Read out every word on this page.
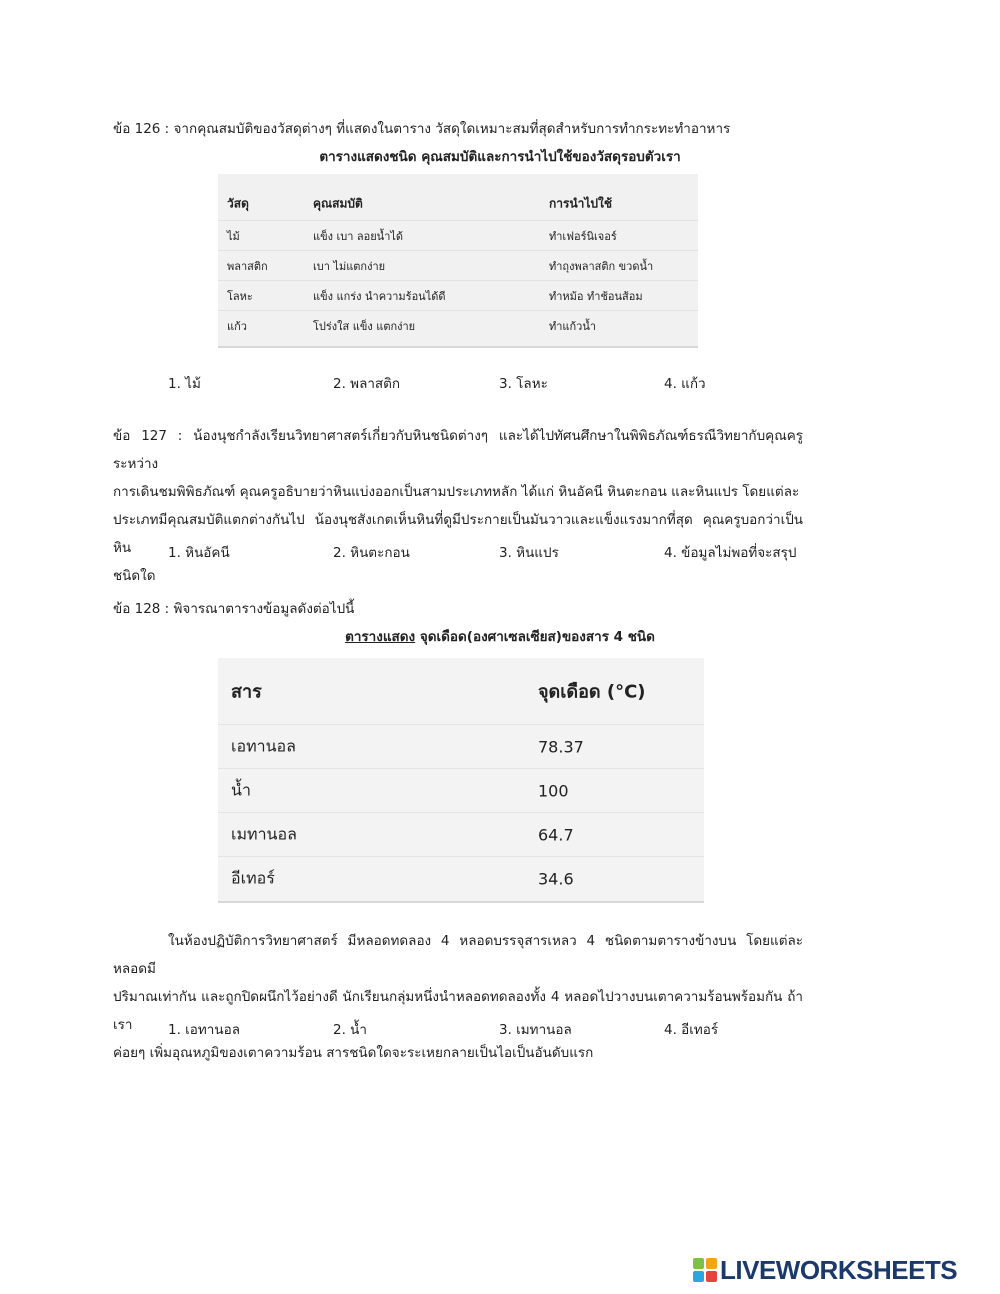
ข้อ 126 : จากคุณสมบัติของวัสดุต่างๆ ที่แสดงในตาราง วัสดุใดเหมาะสมที่สุดสำหรับการทำกระทะทำอาหาร
ตารางแสดงชนิด คุณสมบัติและการนำไปใช้ของวัสดุรอบตัวเรา
วัสดุ	คุณสมบัติ	การนำไปใช้
ไม้	แข็ง เบา ลอยน้ำได้	ทำเฟอร์นิเจอร์
พลาสติก	เบา ไม่แตกง่าย	ทำถุงพลาสติก ขวดน้ำ
โลหะ	แข็ง แกร่ง นำความร้อนได้ดี	ทำหม้อ ทำช้อนส้อม
แก้ว	โปร่งใส แข็ง แตกง่าย	ทำแก้วน้ำ
1. ไม้	2. พลาสติก	3. โลหะ	4. แก้ว
ข้อ 127 : น้องนุชกำลังเรียนวิทยาศาสตร์เกี่ยวกับหินชนิดต่างๆ และได้ไปทัศนศึกษาในพิพิธภัณฑ์ธรณีวิทยากับคุณครูระหว่าง
การเดินชมพิพิธภัณฑ์ คุณครูอธิบายว่าหินแบ่งออกเป็นสามประเภทหลัก ได้แก่ หินอัคนี หินตะกอน และหินแปร โดยแต่ละ
ประเภทมีคุณสมบัติแตกต่างกันไป น้องนุชสังเกตเห็นหินที่ดูมีประกายเป็นมันวาวและแข็งแรงมากที่สุด คุณครูบอกว่าเป็นหิน
ชนิดใด
1. หินอัคนี	2. หินตะกอน	3. หินแปร	4. ข้อมูลไม่พอที่จะสรุป
ข้อ 128 : พิจารณาตารางข้อมูลดังต่อไปนี้
ตารางแสดง จุดเดือด(องศาเซลเซียส)ของสาร 4 ชนิด
สาร	จุดเดือด (°C)
เอทานอล	78.37
น้ำ	100
เมทานอล	64.7
อีเทอร์	34.6
ในห้องปฏิบัติการวิทยาศาสตร์ มีหลอดทดลอง 4 หลอดบรรจุสารเหลว 4 ชนิดตามตารางข้างบน โดยแต่ละหลอดมี
ปริมาณเท่ากัน และถูกปิดผนึกไว้อย่างดี นักเรียนกลุ่มหนึ่งนำหลอดทดลองทั้ง 4 หลอดไปวางบนเตาความร้อนพร้อมกัน ถ้าเรา
ค่อยๆ เพิ่มอุณหภูมิของเตาความร้อน สารชนิดใดจะระเหยกลายเป็นไอเป็นอันดับแรก
1. เอทานอล	2. น้ำ	3. เมทานอล	4. อีเทอร์
LIVEWORKSHEETS
